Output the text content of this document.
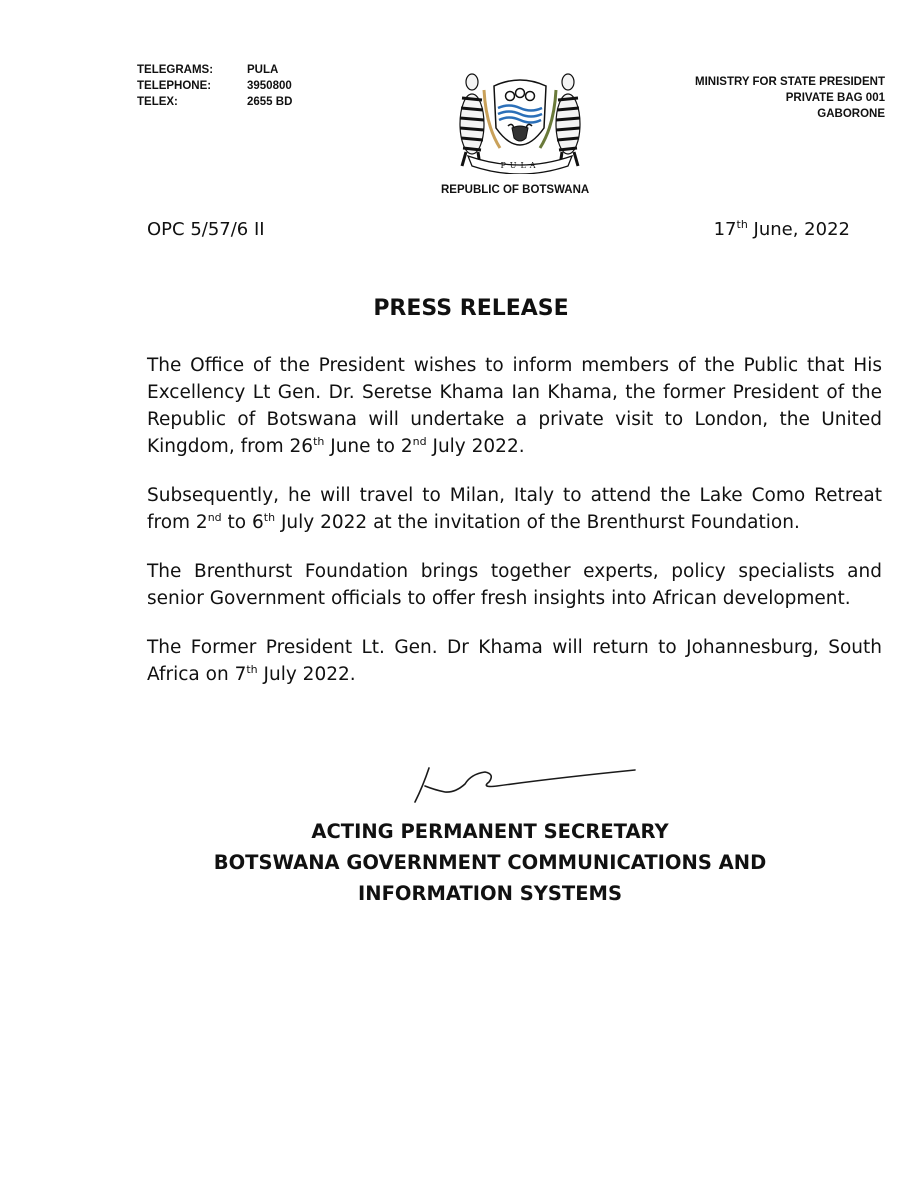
TELEGRAMS:	PULA
TELEPHONE:	3950800
TELEX:	2655 BD
MINISTRY FOR STATE PRESIDENT
PRIVATE BAG 001
GABORONE
PULA
REPUBLIC OF BOTSWANA
OPC 5/57/6 II	17th June, 2022
PRESS RELEASE

The Office of the President wishes to inform members of the Public that His Excellency Lt Gen. Dr. Seretse Khama Ian Khama, the former President of the Republic of Botswana will undertake a private visit to London, the United Kingdom, from 26th June to 2nd July 2022.

Subsequently, he will travel to Milan, Italy to attend the Lake Como Retreat from 2nd to 6th July 2022 at the invitation of the Brenthurst Foundation.

The Brenthurst Foundation brings together experts, policy specialists and senior Government officials to offer fresh insights into African development.

The Former President Lt. Gen. Dr Khama will return to Johannesburg, South Africa on 7th July 2022.

ACTING PERMANENT SECRETARY
BOTSWANA GOVERNMENT COMMUNICATIONS AND
INFORMATION SYSTEMS
